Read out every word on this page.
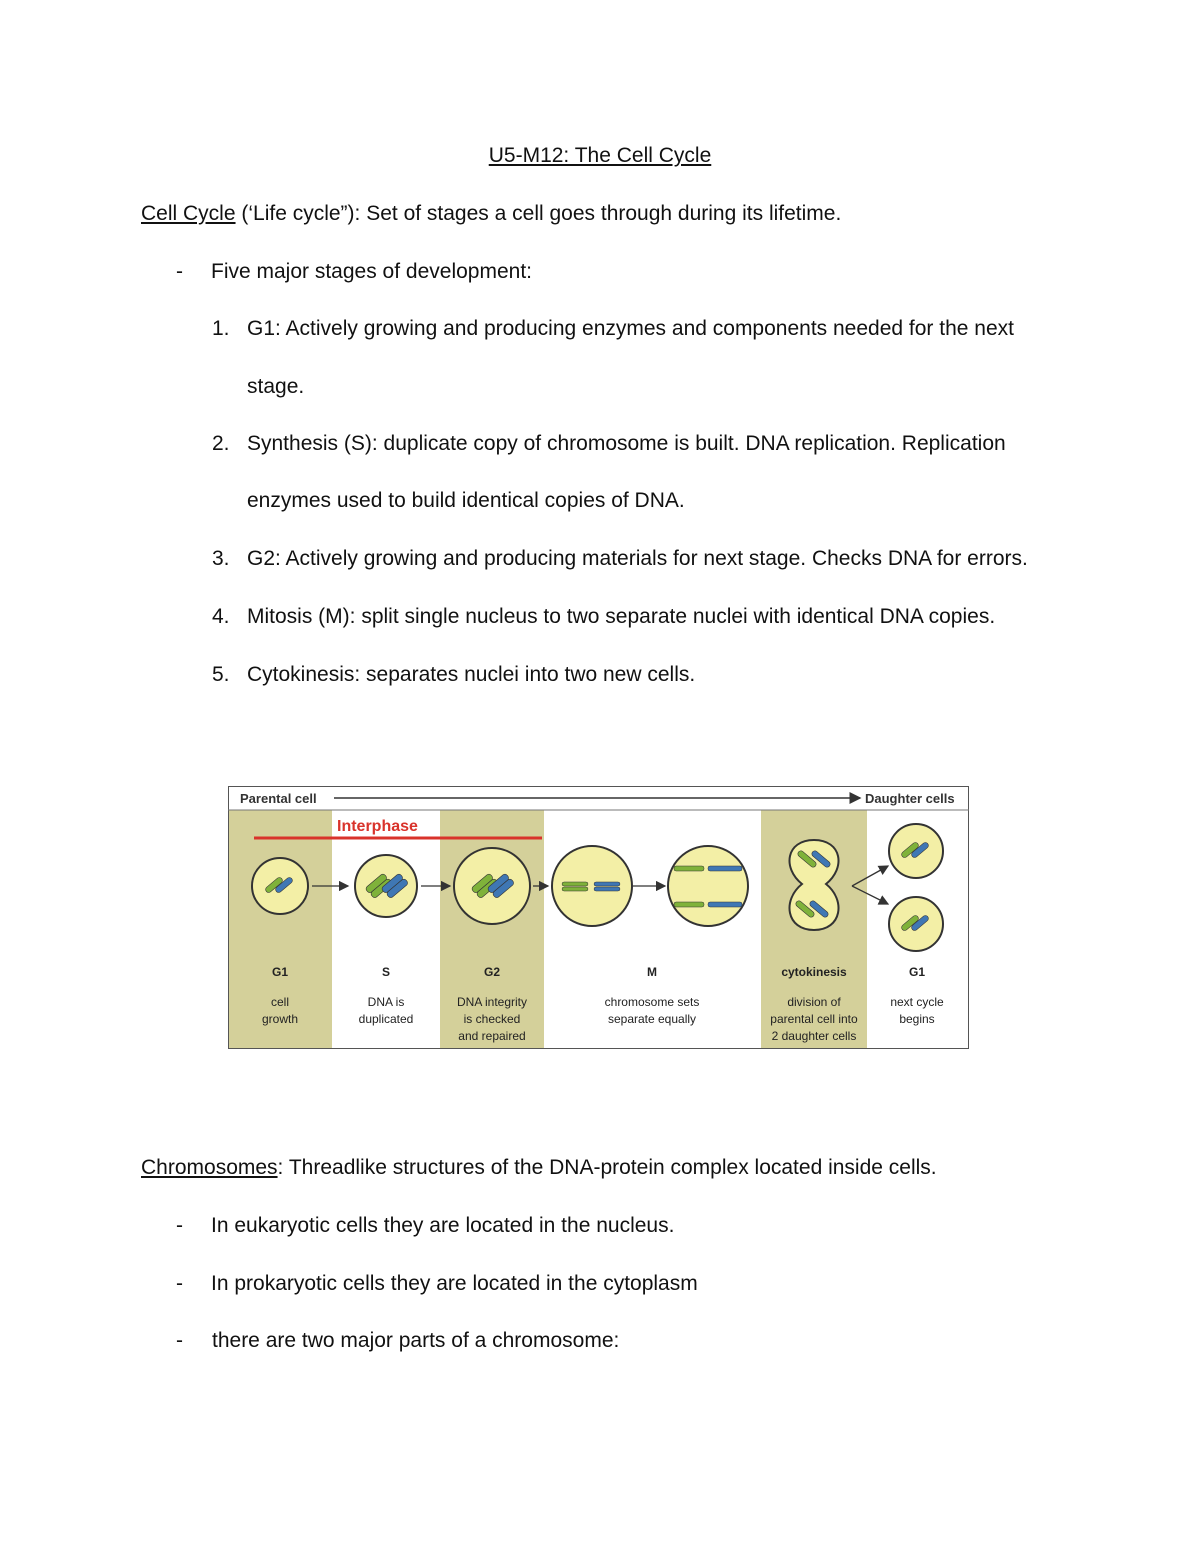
U5-M12: The Cell Cycle
Cell Cycle (‘Life cycle”): Set of stages a cell goes through during its lifetime.
- Five major stages of development:
1. G1: Actively growing and producing enzymes and components needed for the next
stage.
2. Synthesis (S): duplicate copy of chromosome is built. DNA replication. Replication
enzymes used to build identical copies of DNA.
3. G2: Actively growing and producing materials for next stage. Checks DNA for errors.
4. Mitosis (M): split single nucleus to two separate nuclei with identical DNA copies.
5. Cytokinesis: separates nuclei into two new cells.
Parental cell	Daughter cells
Interphase
G1
cell
growth
S
DNA is
duplicated
G2
DNA integrity
is checked
and repaired
M
chromosome sets
separate equally
cytokinesis
division of
parental cell into
2 daughter cells
G1
next cycle
begins
Chromosomes: Threadlike structures of the DNA-protein complex located inside cells.
- In eukaryotic cells they are located in the nucleus.
- In prokaryotic cells they are located in the cytoplasm
- there are two major parts of a chromosome:
